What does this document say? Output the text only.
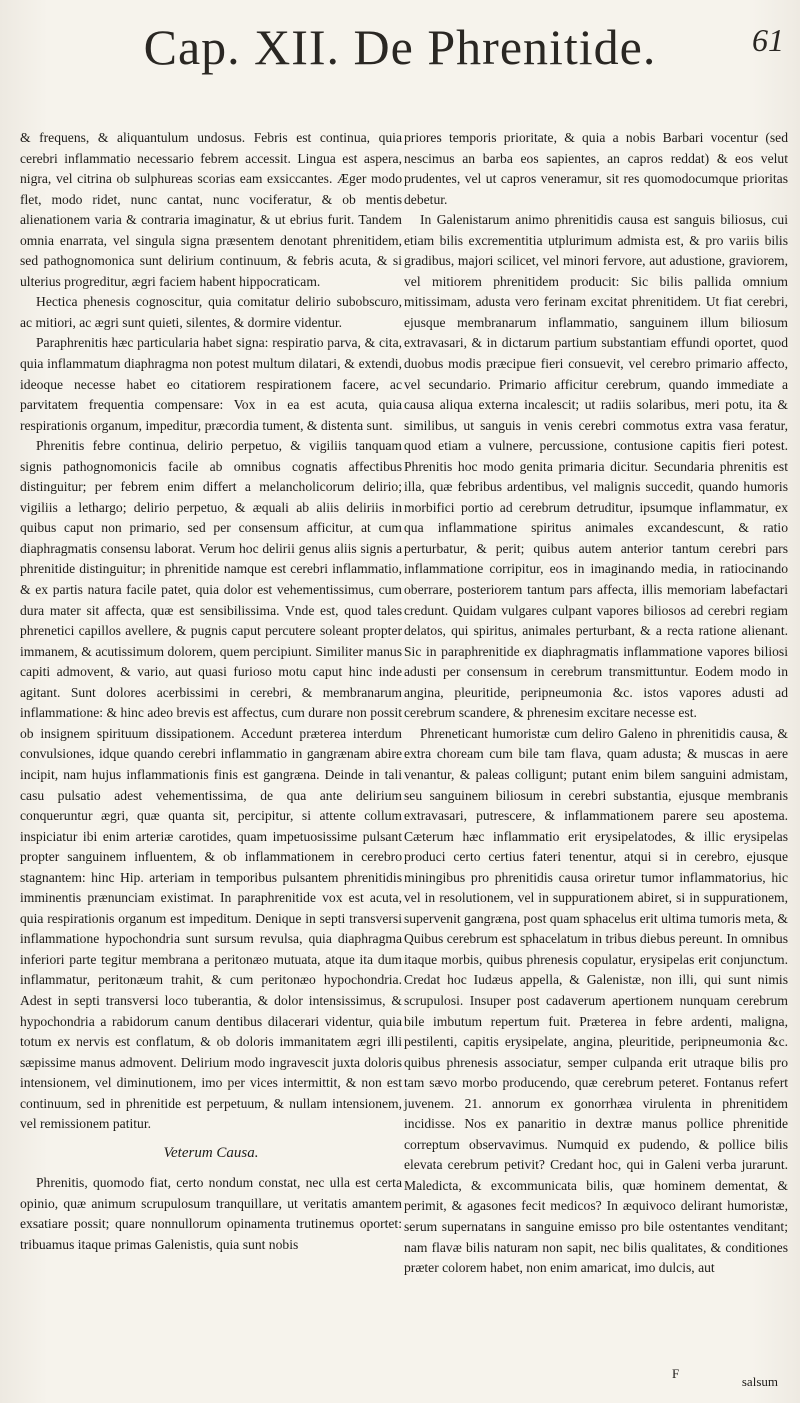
Cap. XII. De Phrenitide.	61

& frequens, & aliquantulum undosus. Febris est continua, quia cerebri inflammatio necessario febrem accessit. Lingua est aspera, nigra, vel citrina ob sulphureas scorias eam exsiccantes. Æger modo flet, modo ridet, nunc cantat, nunc vociferatur, & ob mentis alienationem varia & contraria imaginatur, & ut ebrius furit. Tandem omnia enarrata, vel singula signa præsentem denotant phrenitidem, sed pathognomonica sunt delirium continuum, & febris acuta, & si ulterius progreditur, ægri faciem habent hippocraticam.

Hectica phenesis cognoscitur, quia comitatur delirio subobscuro, ac mitiori, ac ægri sunt quieti, silentes, & dormire videntur.

Paraphrenitis hæc particularia habet signa: respiratio parva, & cita, quia inflammatum diaphragma non potest multum dilatari, & extendi, ideoque necesse habet eo citatiorem respirationem facere, ac parvitatem frequentia compensare: Vox in ea est acuta, quia respirationis organum, impeditur, præcordia tument, & distenta sunt.

Phrenitis febre continua, delirio perpetuo, & vigiliis tanquam signis pathognomonicis facile ab omnibus cognatis affectibus distinguitur; per febrem enim differt a melancholicorum delirio; vigiliis a lethargo; delirio perpetuo, & æquali ab aliis deliriis in quibus caput non primario, sed per consensum afficitur, at cum diaphragmatis consensu laborat. Verum hoc delirii genus aliis signis a phrenitide distinguitur; in phrenitide namque est cerebri inflammatio, & ex partis natura facile patet, quia dolor est vehementissimus, cum dura mater sit affecta, quæ est sensibilissima. Vnde est, quod tales phrenetici capillos avellere, & pugnis caput percutere soleant propter immanem, & acutissimum dolorem, quem percipiunt. Similiter manus capiti admovent, & vario, aut quasi furioso motu caput hinc inde agitant. Sunt dolores acerbissimi in cerebri, & membranarum inflammatione: & hinc adeo brevis est affectus, cum durare non possit ob insignem spirituum dissipationem. Accedunt præterea interdum convulsiones, idque quando cerebri inflammatio in gangrænam abire incipit, nam hujus inflammationis finis est gangræna. Deinde in tali casu pulsatio adest vehementissima, de qua ante delirium conqueruntur ægri, quæ quanta sit, percipitur, si attente collum inspiciatur ibi enim arteriæ carotides, quam impetuosissime pulsant propter sanguinem influentem, & ob inflammationem in cerebro stagnantem: hinc Hip. arteriam in temporibus pulsantem phrenitidis imminentis prænunciam existimat. In paraphrenitide vox est acuta, quia respirationis organum est impeditum. Denique in septi transversi inflammatione hypochondria sunt sursum revulsa, quia diaphragma inferiori parte tegitur membrana a peritonæo mutuata, atque ita dum inflammatur, peritonæum trahit, & cum peritonæo hypochondria. Adest in septi transversi loco tuberantia, & dolor intensissimus, & hypochondria a rabidorum canum dentibus dilacerari videntur, quia totum ex nervis est conflatum, & ob doloris immanitatem ægri illi sæpissime manus admovent. Delirium modo ingravescit juxta doloris intensionem, vel diminutionem, imo per vices intermittit, & non est continuum, sed in phrenitide est perpetuum, & nullam intensionem, vel remissionem patitur.

Veterum Causa.

Phrenitis, quomodo fiat, certo nondum constat, nec ulla est certa opinio, quæ animum scrupulosum tranquillare, ut veritatis amantem exsatiare possit; quare nonnullorum opinamenta trutinemus oportet: tribuamus itaque primas Galenistis, quia sunt nobis

priores temporis prioritate, & quia a nobis Barbari vocentur (sed nescimus an barba eos sapientes, an capros reddat) & eos velut prudentes, vel ut capros veneramur, sit res quomodocumque prioritas debetur.

In Galenistarum animo phrenitidis causa est sanguis biliosus, cui etiam bilis excrementitia utplurimum admista est, & pro variis bilis gradibus, majori scilicet, vel minori fervore, aut adustione, graviorem, vel mitiorem phrenitidem producit: Sic bilis pallida omnium mitissimam, adusta vero ferinam excitat phrenitidem. Ut fiat cerebri, ejusque membranarum inflammatio, sanguinem illum biliosum extravasari, & in dictarum partium substantiam effundi oportet, quod duobus modis præcipue fieri consuevit, vel cerebro primario affecto, vel secundario. Primario afficitur cerebrum, quando immediate a causa aliqua externa incalescit; ut radiis solaribus, meri potu, ita & similibus, ut sanguis in venis cerebri commotus extra vasa feratur, quod etiam a vulnere, percussione, contusione capitis fieri potest. Phrenitis hoc modo genita primaria dicitur. Secundaria phrenitis est illa, quæ febribus ardentibus, vel malignis succedit, quando humoris morbifici portio ad cerebrum detruditur, ipsumque inflammatur, ex qua inflammatione spiritus animales excandescunt, & ratio perturbatur, & perit; quibus autem anterior tantum cerebri pars inflammatione corripitur, eos in imaginando media, in ratiocinando oberrare, posteriorem tantum pars affecta, illis memoriam labefactari credunt. Quidam vulgares culpant vapores biliosos ad cerebri regiam delatos, qui spiritus, animales perturbant, & a recta ratione alienant. Sic in paraphrenitide ex diaphragmatis inflammatione vapores biliosi adusti per consensum in cerebrum transmittuntur. Eodem modo in angina, pleuritide, peripneumonia &c. istos vapores adusti ad cerebrum scandere, & phrenesim excitare necesse est.

Phreneticant humoristæ cum deliro Galeno in phrenitidis causa, & extra choream cum bile tam flava, quam adusta; & muscas in aere venantur, & paleas colligunt; putant enim bilem sanguini admistam, seu sanguinem biliosum in cerebri substantia, ejusque membranis extravasari, putrescere, & inflammationem parere seu apostema. Cæterum hæc inflammatio erit erysipelatodes, & illic erysipelas produci certo certius fateri tenentur, atqui si in cerebro, ejusque miningibus pro phrenitidis causa oriretur tumor inflammatorius, hic vel in resolutionem, vel in suppurationem abiret, si in suppurationem, supervenit gangræna, post quam sphacelus erit ultima tumoris meta, & Quibus cerebrum est sphacelatum in tribus diebus pereunt. In omnibus itaque morbis, quibus phrenesis copulatur, erysipelas erit conjunctum. Credat hoc Iudæus appella, & Galenistæ, non illi, qui sunt nimis scrupulosi. Insuper post cadaverum apertionem nunquam cerebrum bile imbutum repertum fuit. Præterea in febre ardenti, maligna, pestilenti, capitis erysipelate, angina, pleuritide, peripneumonia &c. quibus phrenesis associatur, semper culpanda erit utraque bilis pro tam sævo morbo producendo, quæ cerebrum peteret. Fontanus refert juvenem. 21. annorum ex gonorrhæa virulenta in phrenitidem incidisse. Nos ex panaritio in dextræ manus pollice phrenitide correptum observavimus. Numquid ex pudendo, & pollice bilis elevata cerebrum petivit? Credant hoc, qui in Galeni verba jurarunt. Maledicta, & excommunicata bilis, quæ hominem dementat, & perimit, & agasones fecit medicos? In æquivoco delirant humoristæ, serum supernatans in sanguine emisso pro bile ostentantes venditant; nam flavæ bilis naturam non sapit, nec bilis qualitates, & conditiones præter colorem habet, non enim amaricat, imo dulcis, aut

F
salsum
